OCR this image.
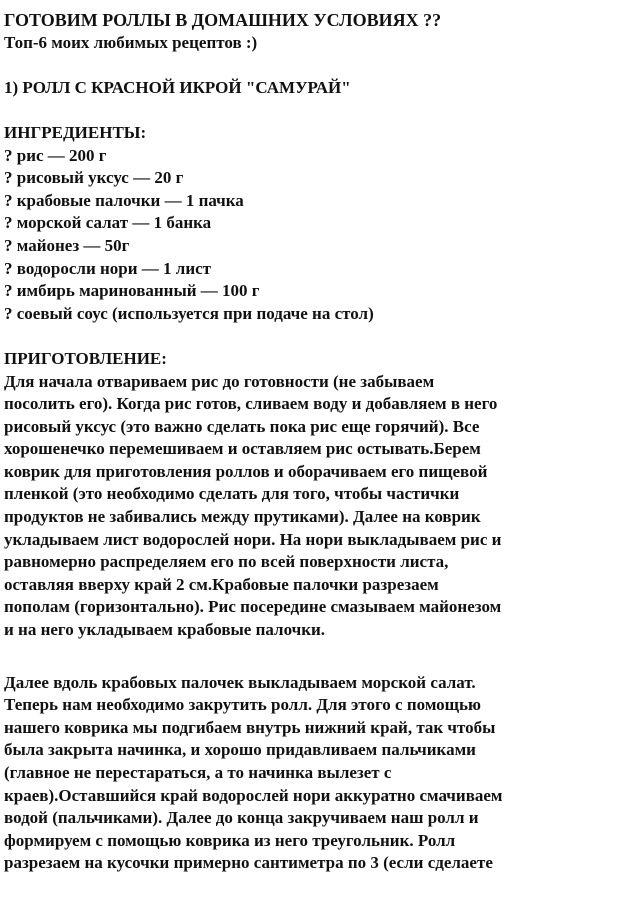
ГОТОВИМ РОЛЛЫ В ДОМАШНИХ УСЛОВИЯХ ??
Топ-6 моих любимых рецептов :)
1) РОЛЛ С КРАСНОЙ ИКРОЙ "САМУРАЙ"
ИНГРЕДИЕНТЫ:
? рис — 200 г
? рисовый уксус — 20 г
? крабовые палочки — 1 пачка
? морской салат — 1 банка
? майонез — 50г
? водоросли нори — 1 лист
? имбирь маринованный — 100 г
? соевый соус (используется при подаче на стол)
ПРИГОТОВЛЕНИЕ:
Для начала отвариваем рис до готовности (не забываем
посолить его). Когда рис готов, сливаем воду и добавляем в него
рисовый уксус (это важно сделать пока рис еще горячий). Все
хорошенечко перемешиваем и оставляем рис остывать.Берем
коврик для приготовления роллов и оборачиваем его пищевой
пленкой (это необходимо сделать для того, чтобы частички
продуктов не забивались между прутиками). Далее на коврик
укладываем лист водорослей нори. На нори выкладываем рис и
равномерно распределяем его по всей поверхности листа,
оставляя вверху край 2 см.Крабовые палочки разрезаем
пополам (горизонтально). Рис посередине смазываем майонезом
и на него укладываем крабовые палочки.
Далее вдоль крабовых палочек выкладываем морской салат.
Теперь нам необходимо закрутить ролл. Для этого с помощью
нашего коврика мы подгибаем внутрь нижний край, так чтобы
была закрыта начинка, и хорошо придавливаем пальчиками
(главное не перестараться, а то начинка вылезет с
краев).Оставшийся край водорослей нори аккуратно смачиваем
водой (пальчиками). Далее до конца закручиваем наш ролл и
формируем с помощью коврика из него треугольник. Ролл
разрезаем на кусочки примерно сантиметра по 3 (если сделаете
